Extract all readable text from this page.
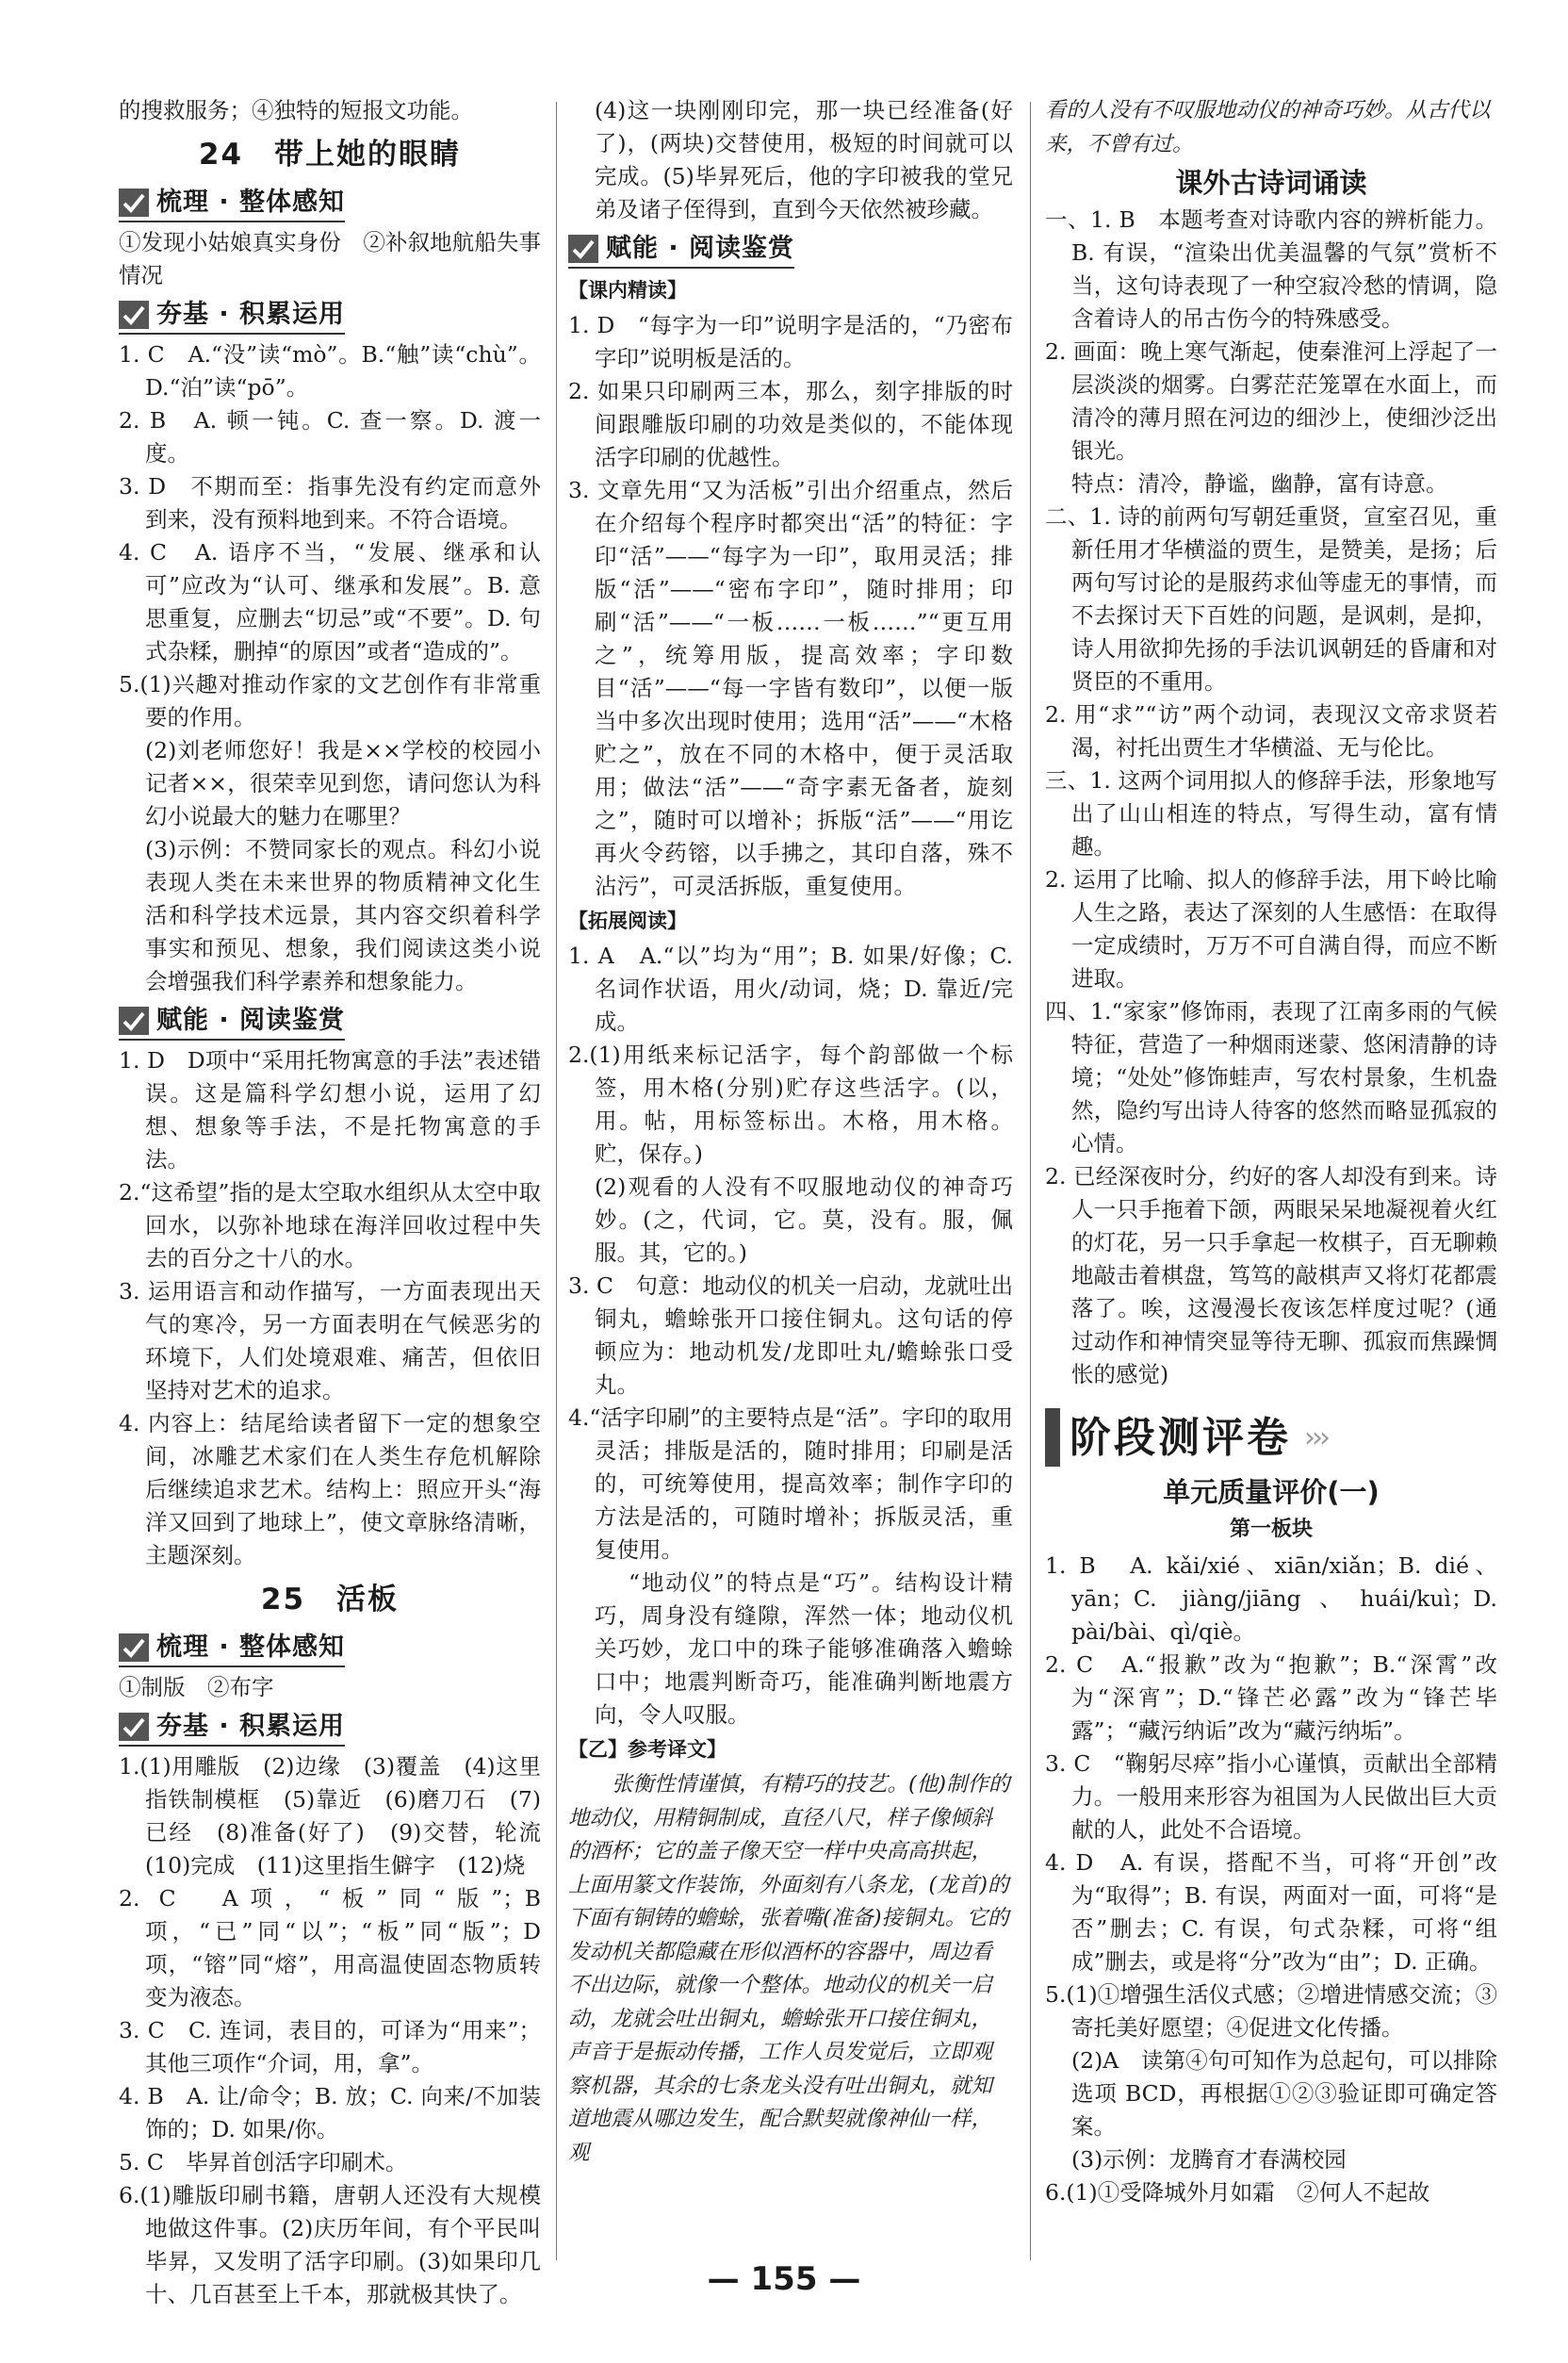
的搜救服务；④独特的短报文功能。

24　带上她的眼睛
梳理 · 整体感知

①发现小姑娘真实身份　②补叙地航船失事情况

夯基 · 积累运用

1. C　A.“没”读“mò”。B.“触”读“chù”。D.“泊”读“pō”。

2. B　A. 顿一钝。C. 查一察。D. 渡一度。

3. D　不期而至：指事先没有约定而意外到来，没有预料地到来。不符合语境。

4. C　A. 语序不当，“发展、继承和认可”应改为“认可、继承和发展”。B. 意思重复，应删去“切忌”或“不要”。D. 句式杂糅，删掉“的原因”或者“造成的”。

5.(1)兴趣对推动作家的文艺创作有非常重要的作用。

(2)刘老师您好！我是××学校的校园小记者××，很荣幸见到您，请问您认为科幻小说最大的魅力在哪里？

(3)示例：不赞同家长的观点。科幻小说表现人类在未来世界的物质精神文化生活和科学技术远景，其内容交织着科学事实和预见、想象，我们阅读这类小说会增强我们科学素养和想象能力。

赋能 · 阅读鉴赏

1. D　D项中“采用托物寓意的手法”表述错误。这是篇科学幻想小说，运用了幻想、想象等手法，不是托物寓意的手法。

2.“这希望”指的是太空取水组织从太空中取回水，以弥补地球在海洋回收过程中失去的百分之十八的水。

3. 运用语言和动作描写，一方面表现出天气的寒冷，另一方面表明在气候恶劣的环境下，人们处境艰难、痛苦，但依旧坚持对艺术的追求。

4. 内容上：结尾给读者留下一定的想象空间，冰雕艺术家们在人类生存危机解除后继续追求艺术。结构上：照应开头“海洋又回到了地球上”，使文章脉络清晰，主题深刻。

25　活板
梳理 · 整体感知

①制版　②布字

夯基 · 积累运用

1.(1)用雕版　(2)边缘　(3)覆盖　(4)这里指铁制模框　(5)靠近　(6)磨刀石　(7)已经　(8)准备(好了)　(9)交替，轮流　(10)完成　(11)这里指生僻字　(12)烧

2. C　A项，“板”同“版”；B项，“已”同“以”；“板”同“版”；D项，“镕”同“熔”，用高温使固态物质转变为液态。

3. C　C. 连词，表目的，可译为“用来”；其他三项作“介词，用，拿”。

4. B　A. 让/命令；B. 放；C. 向来/不加装饰的；D. 如果/你。

5. C　毕昇首创活字印刷术。

6.(1)雕版印刷书籍，唐朝人还没有大规模地做这件事。(2)庆历年间，有个平民叫毕昇，又发明了活字印刷。(3)如果印几十、几百甚至上千本，那就极其快了。

(4)这一块刚刚印完，那一块已经准备(好了)，(两块)交替使用，极短的时间就可以完成。(5)毕昇死后，他的字印被我的堂兄弟及诸子侄得到，直到今天依然被珍藏。

赋能 · 阅读鉴赏
【课内精读】

1. D　“每字为一印”说明字是活的，“乃密布字印”说明板是活的。

2. 如果只印刷两三本，那么，刻字排版的时间跟雕版印刷的功效是类似的，不能体现活字印刷的优越性。

3. 文章先用“又为活板”引出介绍重点，然后在介绍每个程序时都突出“活”的特征：字印“活”——“每字为一印”，取用灵活；排版“活”——“密布字印”，随时排用；印刷“活”——“一板……一板……”“更互用之”，统筹用版，提高效率；字印数目“活”——“每一字皆有数印”，以便一版当中多次出现时使用；选用“活”——“木格贮之”，放在不同的木格中，便于灵活取用；做法“活”——“奇字素无备者，旋刻之”，随时可以增补；拆版“活”——“用讫再火令药镕，以手拂之，其印自落，殊不沾污”，可灵活拆版，重复使用。

【拓展阅读】

1. A　A.“以”均为“用”；B. 如果/好像；C. 名词作状语，用火/动词，烧；D. 靠近/完成。

2.(1)用纸来标记活字，每个韵部做一个标签，用木格(分别)贮存这些活字。(以，用。帖，用标签标出。木格，用木格。贮，保存。)

(2)观看的人没有不叹服地动仪的神奇巧妙。(之，代词，它。莫，没有。服，佩服。其，它的。)

3. C　句意：地动仪的机关一启动，龙就吐出铜丸，蟾蜍张开口接住铜丸。这句话的停顿应为：地动机发/龙即吐丸/蟾蜍张口受丸。

4.“活字印刷”的主要特点是“活”。字印的取用灵活；排版是活的，随时排用；印刷是活的，可统筹使用，提高效率；制作字印的方法是活的，可随时增补；拆版灵活，重复使用。

“地动仪”的特点是“巧”。结构设计精巧，周身没有缝隙，浑然一体；地动仪机关巧妙，龙口中的珠子能够准确落入蟾蜍口中；地震判断奇巧，能准确判断地震方向，令人叹服。

【乙】参考译文】

张衡性情谨慎，有精巧的技艺。(他)制作的地动仪，用精铜制成，直径八尺，样子像倾斜的酒杯；它的盖子像天空一样中央高高拱起，上面用篆文作装饰，外面刻有八条龙，(龙首)的下面有铜铸的蟾蜍，张着嘴(准备)接铜丸。它的发动机关都隐藏在形似酒杯的容器中，周边看不出边际，就像一个整体。地动仪的机关一启动，龙就会吐出铜丸，蟾蜍张开口接住铜丸，声音于是振动传播，工作人员发觉后，立即观察机器，其余的七条龙头没有吐出铜丸，就知道地震从哪边发生，配合默契就像神仙一样，观

看的人没有不叹服地动仪的神奇巧妙。从古代以来，不曾有过。

课外古诗词诵读

一、1. B　本题考查对诗歌内容的辨析能力。B. 有误，“渲染出优美温馨的气氛”赏析不当，这句诗表现了一种空寂冷愁的情调，隐含着诗人的吊古伤今的特殊感受。

2. 画面：晚上寒气渐起，使秦淮河上浮起了一层淡淡的烟雾。白雾茫茫笼罩在水面上，而清冷的薄月照在河边的细沙上，使细沙泛出银光。

特点：清冷，静谧，幽静，富有诗意。

二、1. 诗的前两句写朝廷重贤，宣室召见，重新任用才华横溢的贾生，是赞美，是扬；后两句写讨论的是服药求仙等虚无的事情，而不去探讨天下百姓的问题，是讽刺，是抑，诗人用欲抑先扬的手法讥讽朝廷的昏庸和对贤臣的不重用。

2. 用“求”“访”两个动词，表现汉文帝求贤若渴，衬托出贾生才华横溢、无与伦比。

三、1. 这两个词用拟人的修辞手法，形象地写出了山山相连的特点，写得生动，富有情趣。

2. 运用了比喻、拟人的修辞手法，用下岭比喻人生之路，表达了深刻的人生感悟：在取得一定成绩时，万万不可自满自得，而应不断进取。

四、1.“家家”修饰雨，表现了江南多雨的气候特征，营造了一种烟雨迷蒙、悠闲清静的诗境；“处处”修饰蛙声，写农村景象，生机盎然，隐约写出诗人待客的悠然而略显孤寂的心情。

2. 已经深夜时分，约好的客人却没有到来。诗人一只手拖着下颌，两眼呆呆地凝视着火红的灯花，另一只手拿起一枚棋子，百无聊赖地敲击着棋盘，笃笃的敲棋声又将灯花都震落了。唉，这漫漫长夜该怎样度过呢？(通过动作和神情突显等待无聊、孤寂而焦躁惆怅的感觉)

阶段测评卷 ›››
单元质量评价(一)
第一板块

1. B　A. kǎi/xié、xiān/xiǎn；B. dié、yān；C. jiàng/jiāng、huái/kuì；D. pài/bài、qì/qiè。

2. C　A.“报歉”改为“抱歉”；B.“深霄”改为“深宵”；D.“锋芒必露”改为“锋芒毕露”；“藏污纳诟”改为“藏污纳垢”。

3. C　“鞠躬尽瘁”指小心谨慎，贡献出全部精力。一般用来形容为祖国为人民做出巨大贡献的人，此处不合语境。

4. D　A. 有误，搭配不当，可将“开创”改为“取得”；B. 有误，两面对一面，可将“是否”删去；C. 有误，句式杂糅，可将“组成”删去，或是将“分”改为“由”；D. 正确。

5.(1)①增强生活仪式感；②增进情感交流；③寄托美好愿望；④促进文化传播。

(2)A　读第④句可知作为总起句，可以排除选项 BCD，再根据①②③验证即可确定答案。

(3)示例：龙腾育才春满校园

6.(1)①受降城外月如霜　②何人不起故

— 155 —
